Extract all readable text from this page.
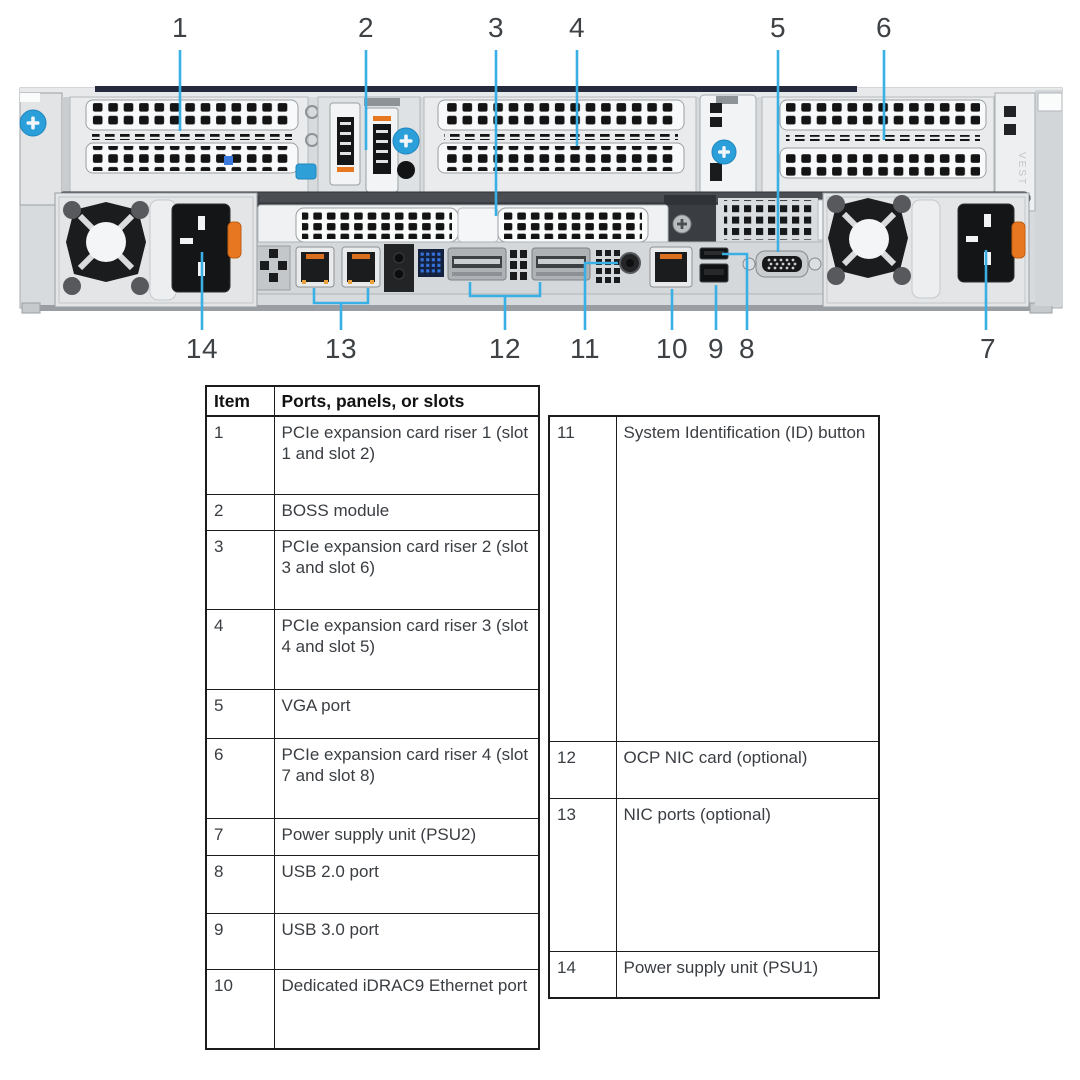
VEST
1	2	3 4	5	6
14	13	12 11 10 9 8	7
Item	Ports, panels, or slots
1	PCIe expansion card riser 1 (slot 1 and slot 2)
2	BOSS module
3	PCIe expansion card riser 2 (slot 3 and slot 6)
4	PCIe expansion card riser 3 (slot 4 and slot 5)
5	VGA port
6	PCIe expansion card riser 4 (slot 7 and slot 8)
7	Power supply unit (PSU2)
8	USB 2.0 port
9	USB 3.0 port
10	Dedicated iDRAC9 Ethernet port
11	System Identification (ID) button
12	OCP NIC card (optional)
13	NIC ports (optional)
14	Power supply unit (PSU1)
